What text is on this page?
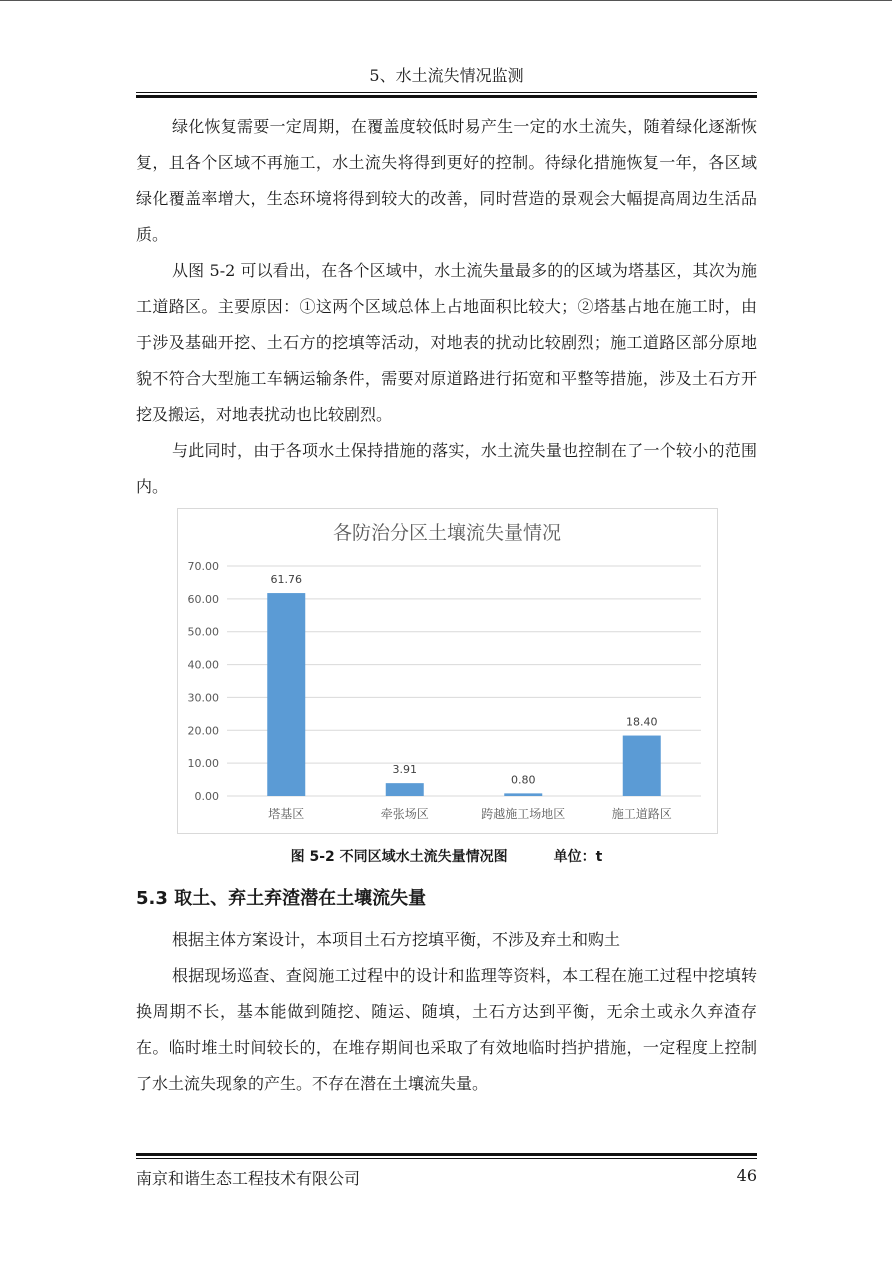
5、水土流失情况监测

绿化恢复需要一定周期，在覆盖度较低时易产生一定的水土流失，随着绿化逐渐恢复，且各个区域不再施工，水土流失将得到更好的控制。待绿化措施恢复一年，各区域绿化覆盖率增大，生态环境将得到较大的改善，同时营造的景观会大幅提高周边生活品质。

从图 5-2 可以看出，在各个区域中，水土流失量最多的的区域为塔基区，其次为施工道路区。主要原因：①这两个区域总体上占地面积比较大；②塔基占地在施工时，由于涉及基础开挖、土石方的挖填等活动，对地表的扰动比较剧烈；施工道路区部分原地貌不符合大型施工车辆运输条件，需要对原道路进行拓宽和平整等措施，涉及土石方开挖及搬运，对地表扰动也比较剧烈。

与此同时，由于各项水土保持措施的落实，水土流失量也控制在了一个较小的范围内。

各防治分区土壤流失量情况
0.00
10.00
20.00
30.00
40.00
50.00
60.00
70.00
61.76
塔基区
3.91
牵张场区
0.80
跨越施工场地区
18.40
施工道路区
图 5-2 不同区域水土流失量情况图	单位：t
5.3 取土、弃土弃渣潜在土壤流失量

根据主体方案设计，本项目土石方挖填平衡，不涉及弃土和购土

根据现场巡查、查阅施工过程中的设计和监理等资料，本工程在施工过程中挖填转换周期不长，基本能做到随挖、随运、随填，土石方达到平衡，无余土或永久弃渣存在。临时堆土时间较长的，在堆存期间也采取了有效地临时挡护措施，一定程度上控制了水土流失现象的产生。不存在潜在土壤流失量。

南京和谐生态工程技术有限公司	46
